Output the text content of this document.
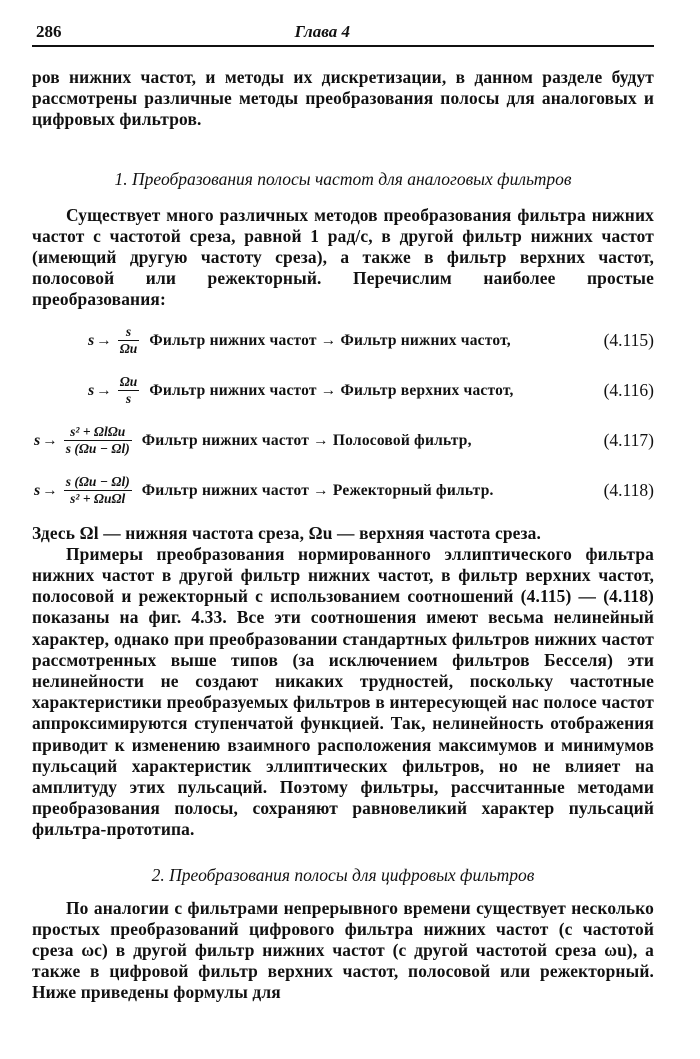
286	Глава 4

ров нижних частот, и методы их дискретизации, в данном разделе будут рассмотрены различные методы преобразования полосы для аналоговых и цифровых фильтров.

1. Преобразования полосы частот для аналоговых фильтров

Существует много различных методов преобразования фильтра нижних частот с частотой среза, равной 1 рад/с, в другой фильтр нижних частот (имеющий другую частоту среза), а также в фильтр верхних частот, полосовой или режекторный. Перечислим наиболее простые преобразования:

$s \to \frac{s}{\Omega u}$ Фильтр нижних частот → Фильтр нижних частот,	(4.115)
$s \to \frac{\Omega u}{s}$ Фильтр нижних частот → Фильтр верхних частот,	(4.116)
$s \to \frac{\text{s² + ΩlΩu}}{s (\Omega u - \Omega l)}$ Фильтр нижних частот → Полосовой фильтр,	(4.117)
$s \to \frac{s (\Omega u - \Omega l)}{\text{s² + ΩuΩl}}$ Фильтр нижних частот → Режекторный фильтр.	(4.118)

Здесь Ωl — нижняя частота среза, Ωu — верхняя частота среза.

Примеры преобразования нормированного эллиптического фильтра нижних частот в другой фильтр нижних частот, в фильтр верхних частот, полосовой и режекторный с использованием соотношений (4.115) — (4.118) показаны на фиг. 4.33. Все эти соотношения имеют весьма нелинейный характер, однако при преобразовании стандартных фильтров нижних частот рассмотренных выше типов (за исключением фильтров Бесселя) эти нелинейности не создают никаких трудностей, поскольку частотные характеристики преобразуемых фильтров в интересующей нас полосе частот аппроксимируются ступенчатой функцией. Так, нелинейность отображения приводит к изменению взаимного расположения максимумов и минимумов пульсаций характеристик эллиптических фильтров, но не влияет на амплитуду этих пульсаций. Поэтому фильтры, рассчитанные методами преобразования полосы, сохраняют равновеликий характер пульсаций фильтра-прототипа.

2. Преобразования полосы для цифровых фильтров

По аналогии с фильтрами непрерывного времени существует несколько простых преобразований цифрового фильтра нижних частот (с частотой среза ωc) в другой фильтр нижних частот (с другой частотой среза ωu), а также в цифровой фильтр верхних частот, полосовой или режекторный. Ниже приведены формулы для
